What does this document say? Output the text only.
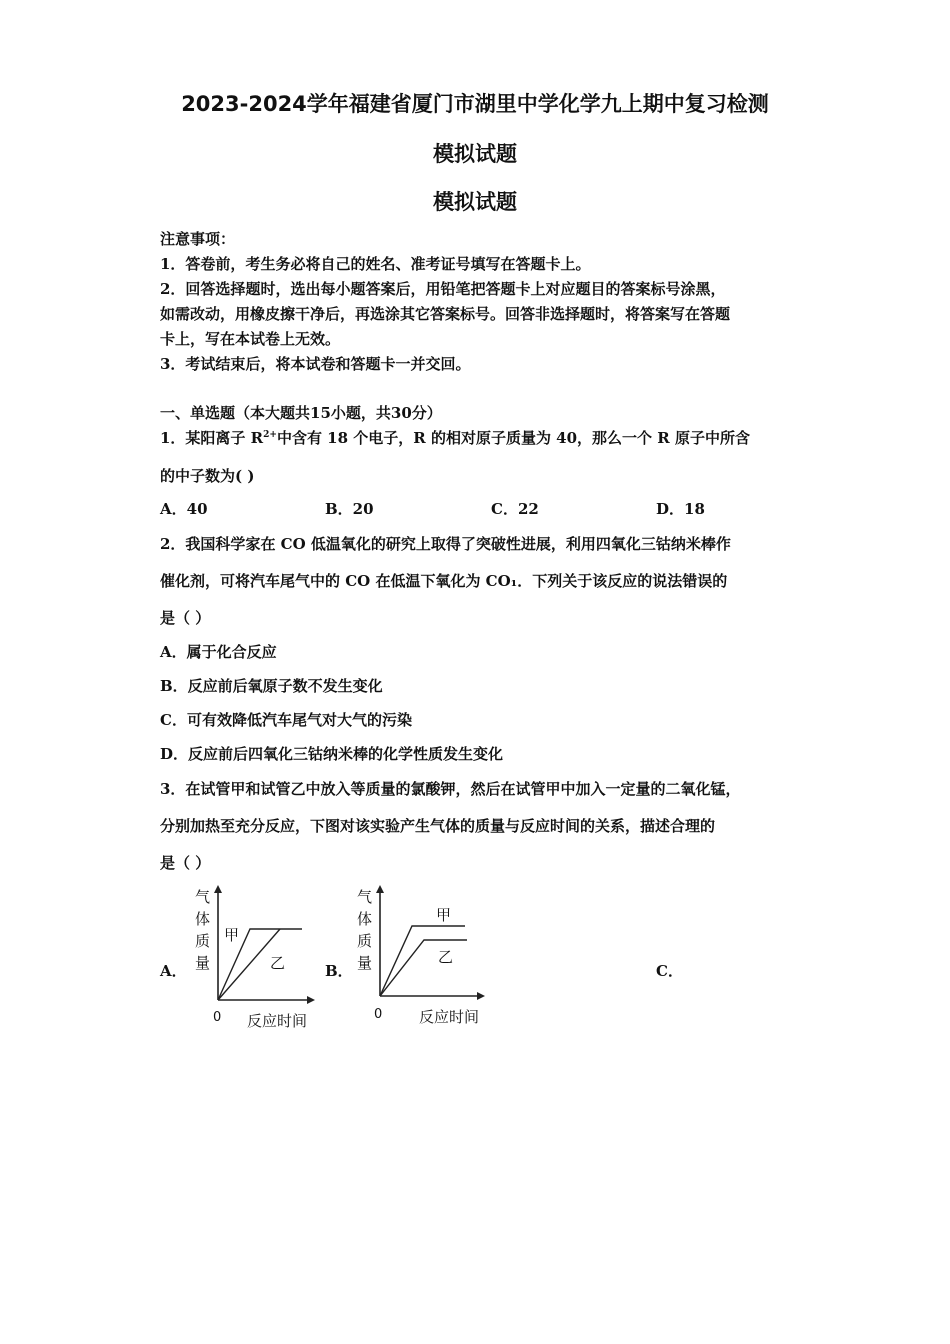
2023-2024学年福建省厦门市湖里中学化学九上期中复习检测
模拟试题
模拟试题
注意事项：
1．答卷前，考生务必将自己的姓名、准考证号填写在答题卡上。
2．回答选择题时，选出每小题答案后，用铅笔把答题卡上对应题目的答案标号涂黑，
如需改动，用橡皮擦干净后，再选涂其它答案标号。回答非选择题时，将答案写在答题
卡上，写在本试卷上无效。
3．考试结束后，将本试卷和答题卡一并交回。
一、单选题（本大题共15小题，共30分）
1．某阳离子 $R^{2+}$中含有 18 个电子，R 的相对原子质量为 40，那么一个 R 原子中所含
的中子数为( )
A．40	B．20	C．22	D．18
2．我国科学家在 CO 低温氧化的研究上取得了突破性进展，利用四氧化三钴纳米棒作
催化剂，可将汽车尾气中的 CO 在低温下氧化为 CO₁．下列关于该反应的说法错误的
是（ ）
A．属于化合反应
B．反应前后氧原子数不发生变化
C．可有效降低汽车尾气对大气的污染
D．反应前后四氧化三钴纳米棒的化学性质发生变化
3．在试管甲和试管乙中放入等质量的氯酸钾，然后在试管甲中加入一定量的二氧化锰，
分别加热至充分反应，下图对该实验产生气体的质量与反应时间的关系，描述合理的
是（ ）
A．	B．	C．
气
体
质
量
甲
乙
0 反应时间
气
体
质
量
甲
乙
0 反应时间
